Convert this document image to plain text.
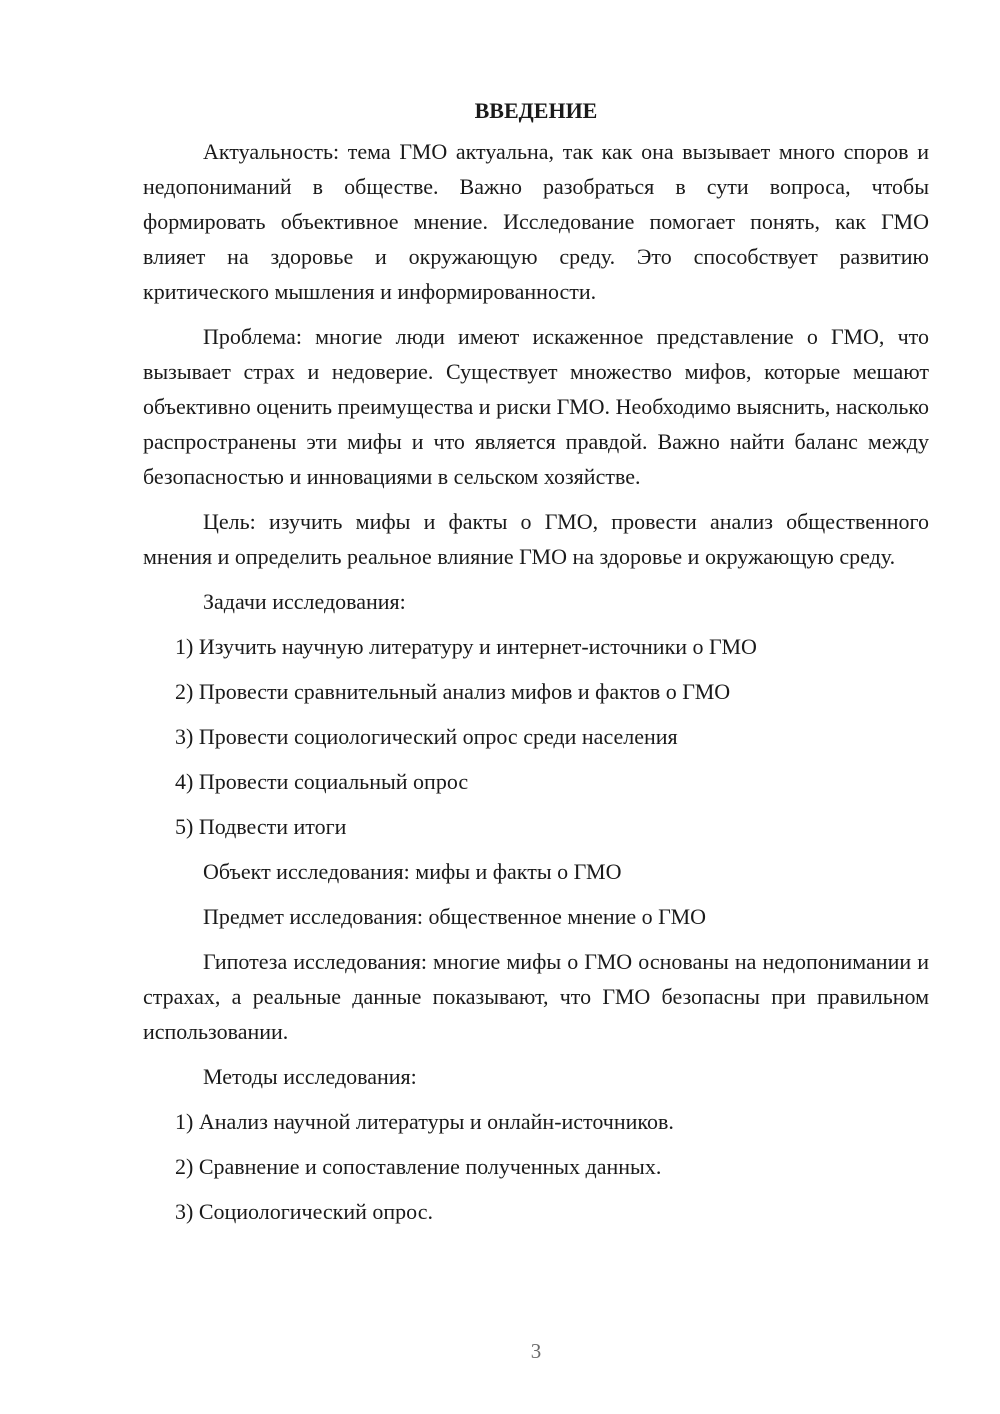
ВВЕДЕНИЕ

Актуальность: тема ГМО актуальна, так как она вызывает много споров и недопониманий в обществе. Важно разобраться в сути вопроса, чтобы формировать объективное мнение. Исследование помогает понять, как ГМО влияет на здоровье и окружающую среду. Это способствует развитию критического мышления и информированности.

Проблема: многие люди имеют искаженное представление о ГМО, что вызывает страх и недоверие. Существует множество мифов, которые мешают объективно оценить преимущества и риски ГМО. Необходимо выяснить, насколько распространены эти мифы и что является правдой. Важно найти баланс между безопасностью и инновациями в сельском хозяйстве.

Цель: изучить мифы и факты о ГМО, провести анализ общественного мнения и определить реальное влияние ГМО на здоровье и окружающую среду.

Задачи исследования:

1) Изучить научную литературу и интернет-источники о ГМО

2) Провести сравнительный анализ мифов и фактов о ГМО

3) Провести социологический опрос среди населения

4) Провести социальный опрос

5) Подвести итоги

Объект исследования: мифы и факты о ГМО

Предмет исследования: общественное мнение о ГМО

Гипотеза исследования: многие мифы о ГМО основаны на недопонимании и страхах, а реальные данные показывают, что ГМО безопасны при правильном использовании.

Методы исследования:

1) Анализ научной литературы и онлайн-источников.

2) Сравнение и сопоставление полученных данных.

3) Социологический опрос.

3
